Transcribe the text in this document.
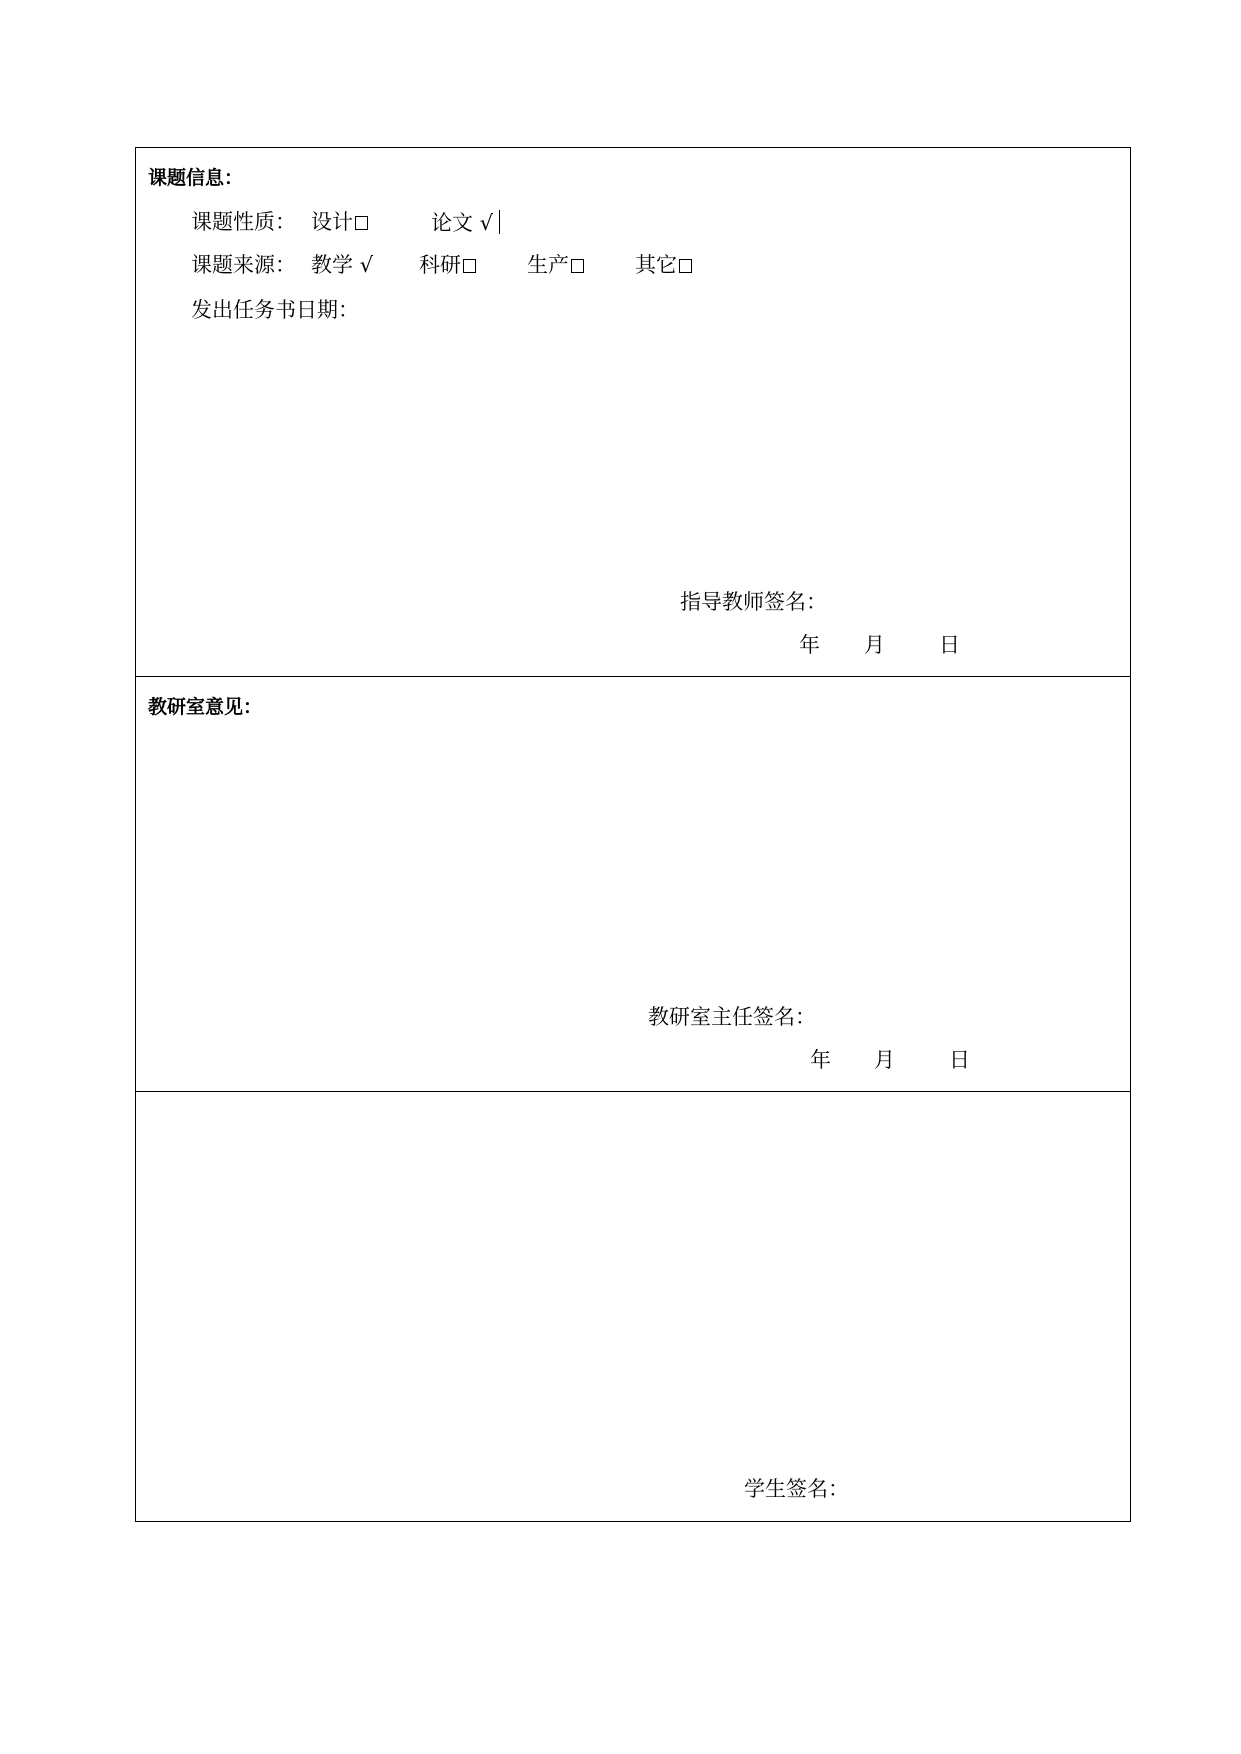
课题信息：
课题性质： 设计	论文 √
课题来源： 教学 √ 科研	生产	其它
发出任务书日期：
指导教师签名：
年 月	日
教研室意见：
教研室主任签名：
年 月	日
学生签名：
